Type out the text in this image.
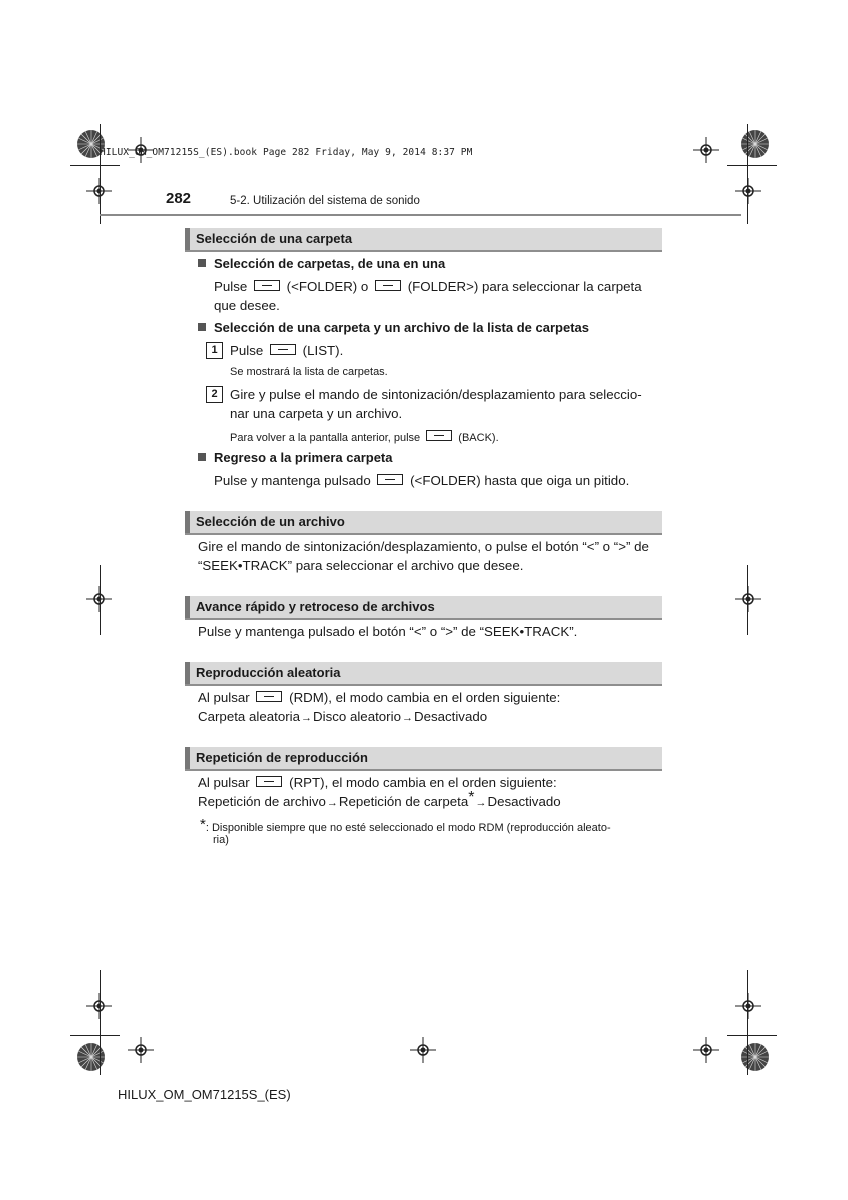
HILUX_OM_OM71215S_(ES).book Page 282 Friday, May 9, 2014 8:37 PM
282	5-2. Utilización del sistema de sonido
Selección de una carpeta
Selección de carpetas, de una en una
Pulse	(<FOLDER) o	(FOLDER>) para seleccionar la carpeta
que desee.
Selección de una carpeta y un archivo de la lista de carpetas
1 Pulse	(LIST).
Se mostrará la lista de carpetas.
2 Gire y pulse el mando de sintonización/desplazamiento para seleccio-
nar una carpeta y un archivo.
Para volver a la pantalla anterior, pulse	(BACK).
Regreso a la primera carpeta
Pulse y mantenga pulsado	(<FOLDER) hasta que oiga un pitido.
Selección de un archivo
Gire el mando de sintonización/desplazamiento, o pulse el botón “<” o “>” de
“SEEK•TRACK” para seleccionar el archivo que desee.
Avance rápido y retroceso de archivos
Pulse y mantenga pulsado el botón “<” o “>” de “SEEK•TRACK”.
Reproducción aleatoria
Al pulsar	(RDM), el modo cambia en el orden siguiente:
Carpeta aleatoria→Disco aleatorio→Desactivado
Repetición de reproducción
Al pulsar	(RPT), el modo cambia en el orden siguiente:
Repetición de archivo→Repetición de carpeta*→Desactivado
*: Disponible siempre que no esté seleccionado el modo RDM (reproducción aleato-
ria)
HILUX_OM_OM71215S_(ES)
